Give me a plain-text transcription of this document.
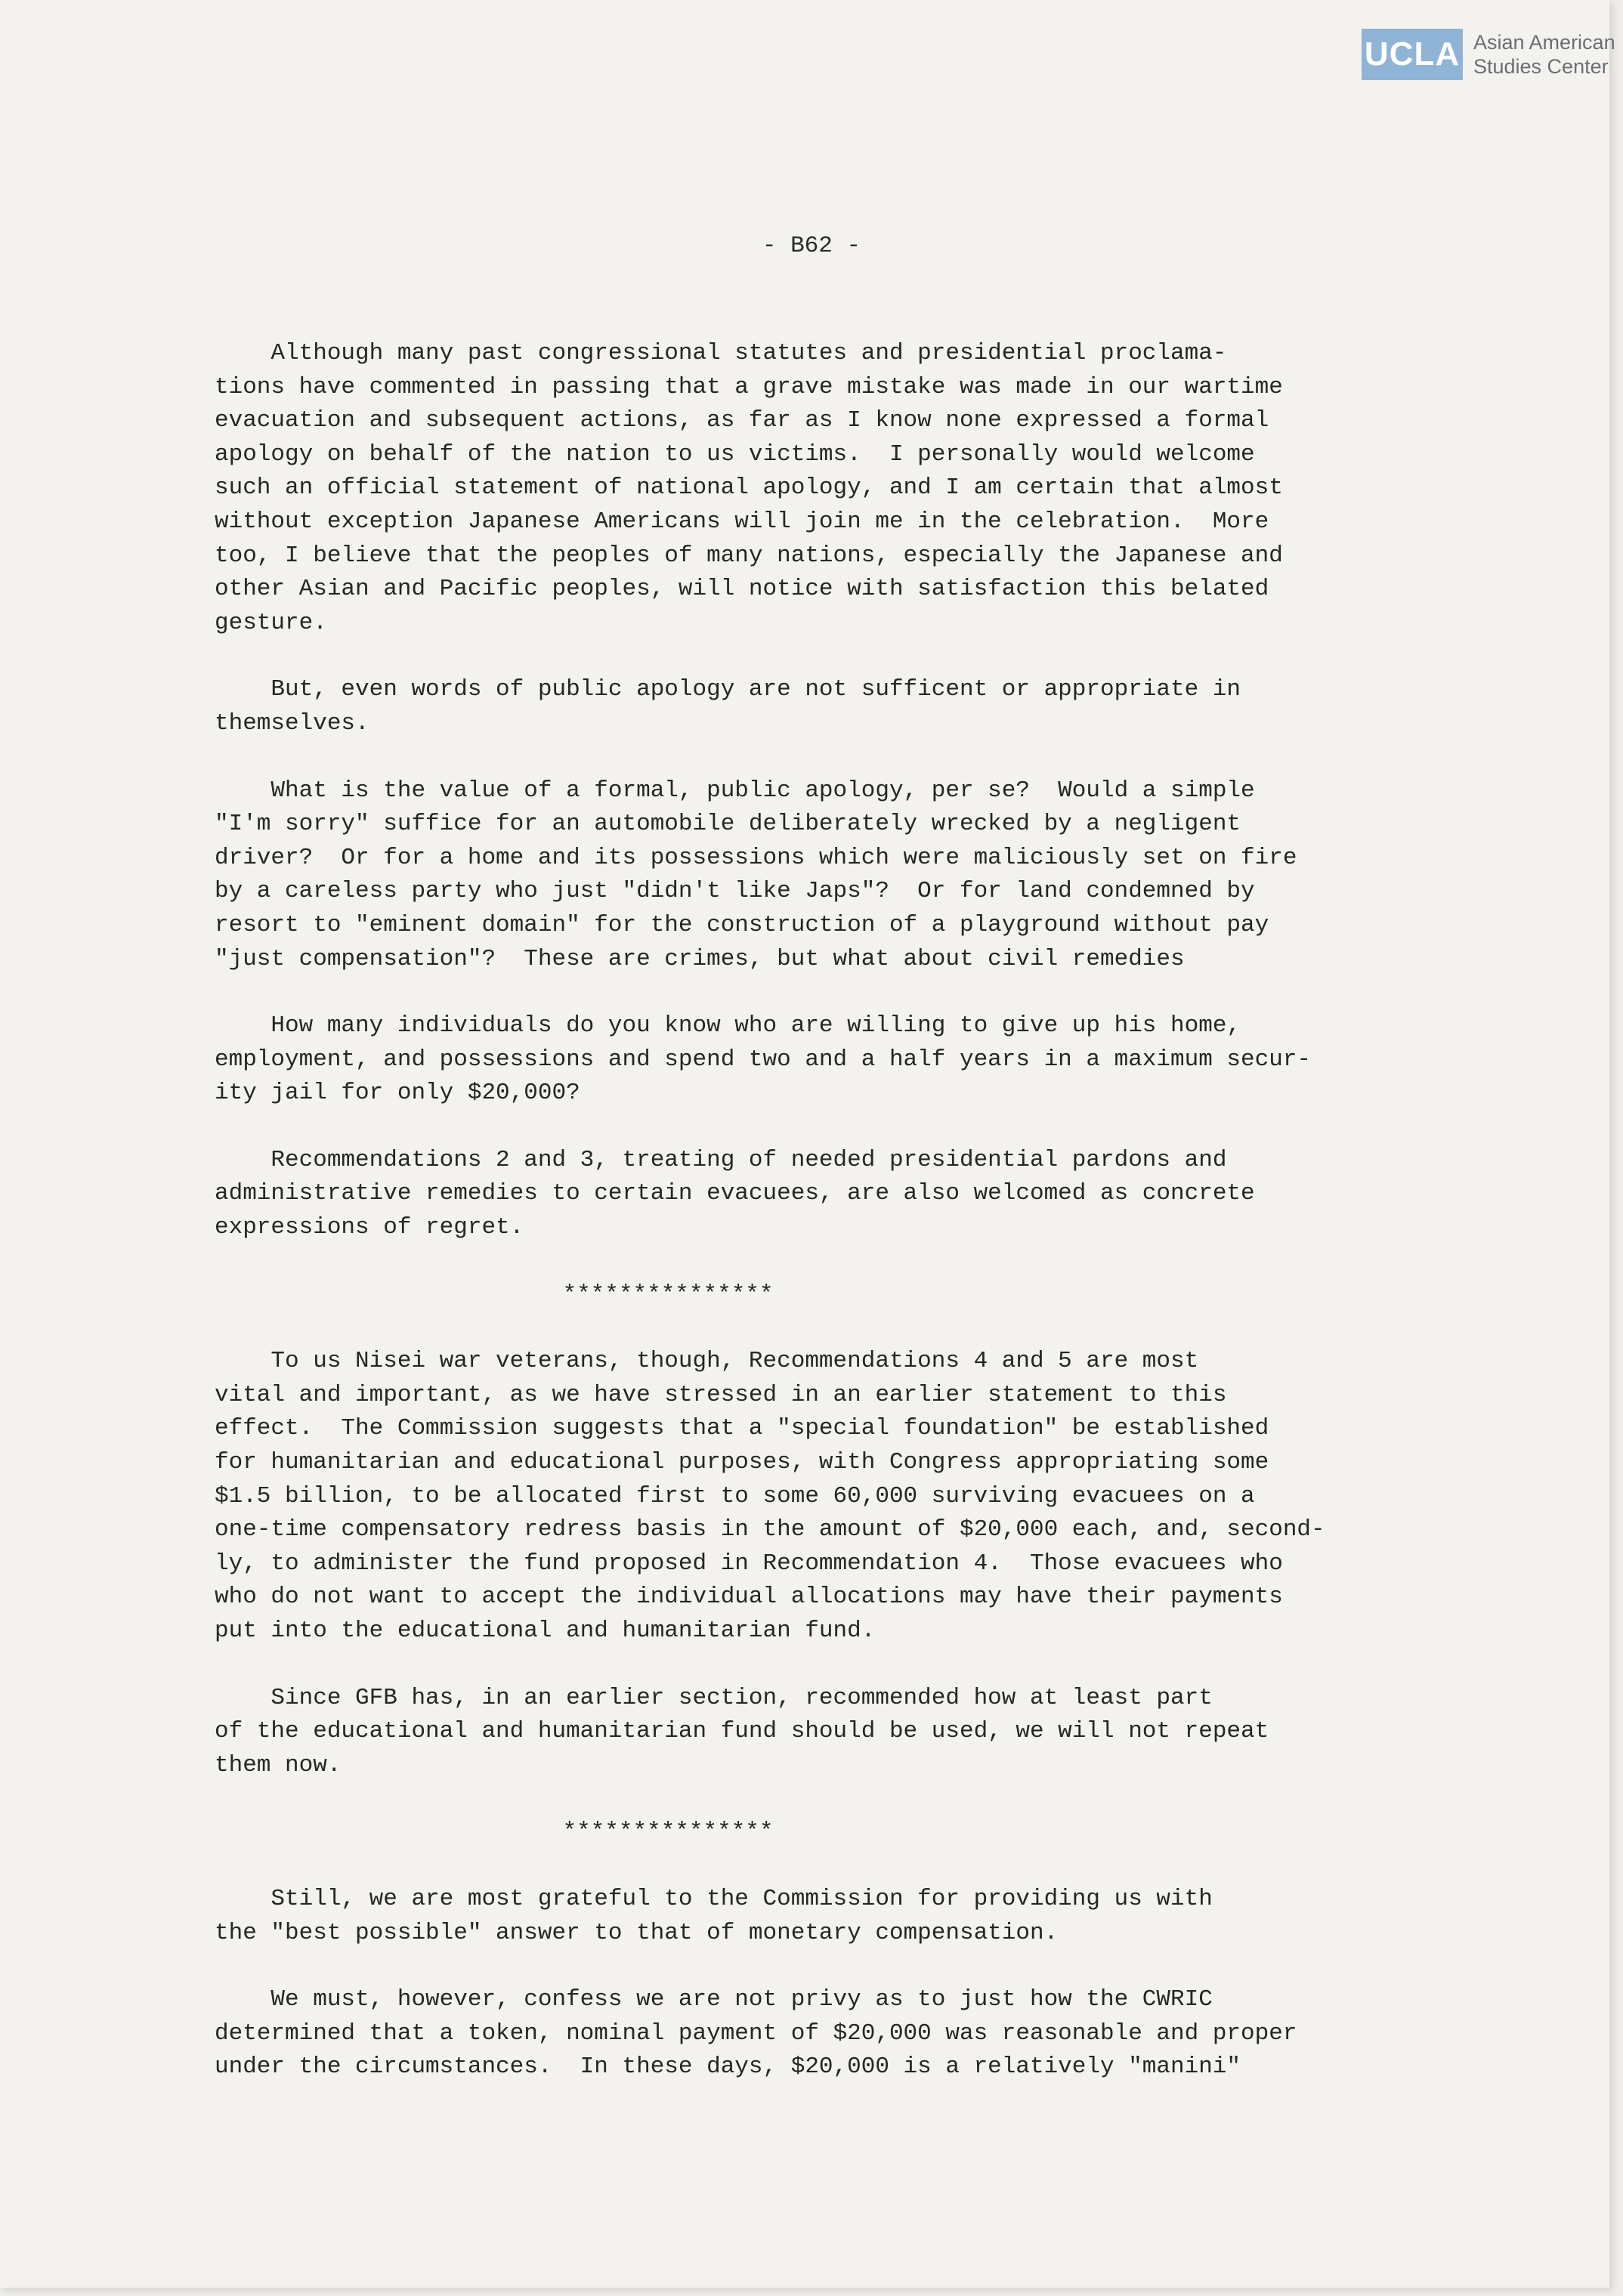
UCLA Asian American
Studies Center
- B62 -
Although many past congressional statutes and presidential proclama-
tions have commented in passing that a grave mistake was made in our wartime
evacuation and subsequent actions, as far as I know none expressed a formal
apology on behalf of the nation to us victims.  I personally would welcome
such an official statement of national apology, and I am certain that almost
without exception Japanese Americans will join me in the celebration.  More
too, I believe that the peoples of many nations, especially the Japanese and
other Asian and Pacific peoples, will notice with satisfaction this belated
gesture.
But, even words of public apology are not sufficent or appropriate in
themselves.
What is the value of a formal, public apology, per se?  Would a simple
"I'm sorry" suffice for an automobile deliberately wrecked by a negligent
driver?  Or for a home and its possessions which were maliciously set on fire
by a careless party who just "didn't like Japs"?  Or for land condemned by
resort to "eminent domain" for the construction of a playground without pay
"just compensation"?  These are crimes, but what about civil remedies
How many individuals do you know who are willing to give up his home,
employment, and possessions and spend two and a half years in a maximum secur-
ity jail for only $20,000?
Recommendations 2 and 3, treating of needed presidential pardons and
administrative remedies to certain evacuees, are also welcomed as concrete
expressions of regret.
***************
To us Nisei war veterans, though, Recommendations 4 and 5 are most
vital and important, as we have stressed in an earlier statement to this
effect.  The Commission suggests that a "special foundation" be established
for humanitarian and educational purposes, with Congress appropriating some
$1.5 billion, to be allocated first to some 60,000 surviving evacuees on a
one-time compensatory redress basis in the amount of $20,000 each, and, second-
ly, to administer the fund proposed in Recommendation 4.  Those evacuees who
who do not want to accept the individual allocations may have their payments
put into the educational and humanitarian fund.
Since GFB has, in an earlier section, recommended how at least part
of the educational and humanitarian fund should be used, we will not repeat
them now.
***************
Still, we are most grateful to the Commission for providing us with
the "best possible" answer to that of monetary compensation.
We must, however, confess we are not privy as to just how the CWRIC
determined that a token, nominal payment of $20,000 was reasonable and proper
under the circumstances.  In these days, $20,000 is a relatively "manini"
